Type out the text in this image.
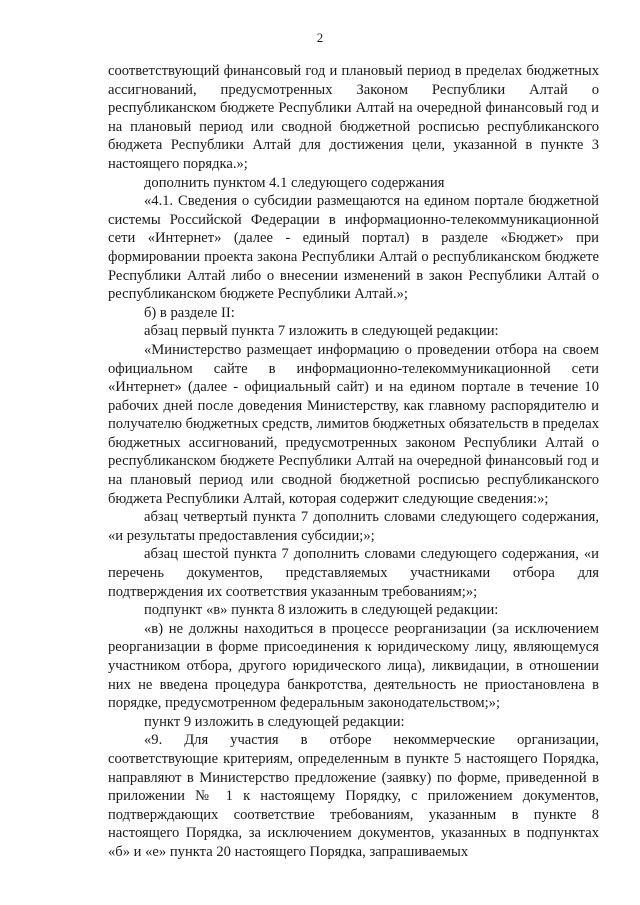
2

соответствующий финансовый год и плановый период в пределах бюджетных ассигнований, предусмотренных Законом Республики Алтай о республиканском бюджете Республики Алтай на очередной финансовый год и на плановый период или сводной бюджетной росписью республиканского бюджета Республики Алтай для достижения цели, указанной в пункте 3 настоящего порядка.»;

дополнить пунктом 4.1 следующего содержания

«4.1. Сведения о субсидии размещаются на едином портале бюджетной системы Российской Федерации в информационно-телекоммуникационной сети «Интернет» (далее - единый портал) в разделе «Бюджет» при формировании проекта закона Республики Алтай о республиканском бюджете Республики Алтай либо о внесении изменений в закон Республики Алтай о республиканском бюджете Республики Алтай.»;

б) в разделе II:

абзац первый пункта 7 изложить в следующей редакции:

«Министерство размещает информацию о проведении отбора на своем официальном сайте в информационно-телекоммуникационной сети «Интернет» (далее - официальный сайт) и на едином портале в течение 10 рабочих дней после доведения Министерству, как главному распорядителю и получателю бюджетных средств, лимитов бюджетных обязательств в пределах бюджетных ассигнований, предусмотренных законом Республики Алтай о республиканском бюджете Республики Алтай на очередной финансовый год и на плановый период или сводной бюджетной росписью республиканского бюджета Республики Алтай, которая содержит следующие сведения:»;

абзац четвертый пункта 7 дополнить словами следующего содержания, «и результаты предоставления субсидии;»;

абзац шестой пункта 7 дополнить словами следующего содержания, «и перечень документов, представляемых участниками отбора для подтверждения их соответствия указанным требованиям;»;

подпункт «в» пункта 8 изложить в следующей редакции:

«в) не должны находиться в процессе реорганизации (за исключением реорганизации в форме присоединения к юридическому лицу, являющемуся участником отбора, другого юридического лица), ликвидации, в отношении них не введена процедура банкротства, деятельность не приостановлена в порядке, предусмотренном федеральным законодательством;»;

пункт 9 изложить в следующей редакции:

«9. Для участия в отборе некоммерческие организации, соответствующие критериям, определенным в пункте 5 настоящего Порядка, направляют в Министерство предложение (заявку) по форме, приведенной в приложении № 1 к настоящему Порядку, с приложением документов, подтверждающих соответствие требованиям, указанным в пункте 8 настоящего Порядка, за исключением документов, указанных в подпунктах «б» и «е» пункта 20 настоящего Порядка, запрашиваемых
